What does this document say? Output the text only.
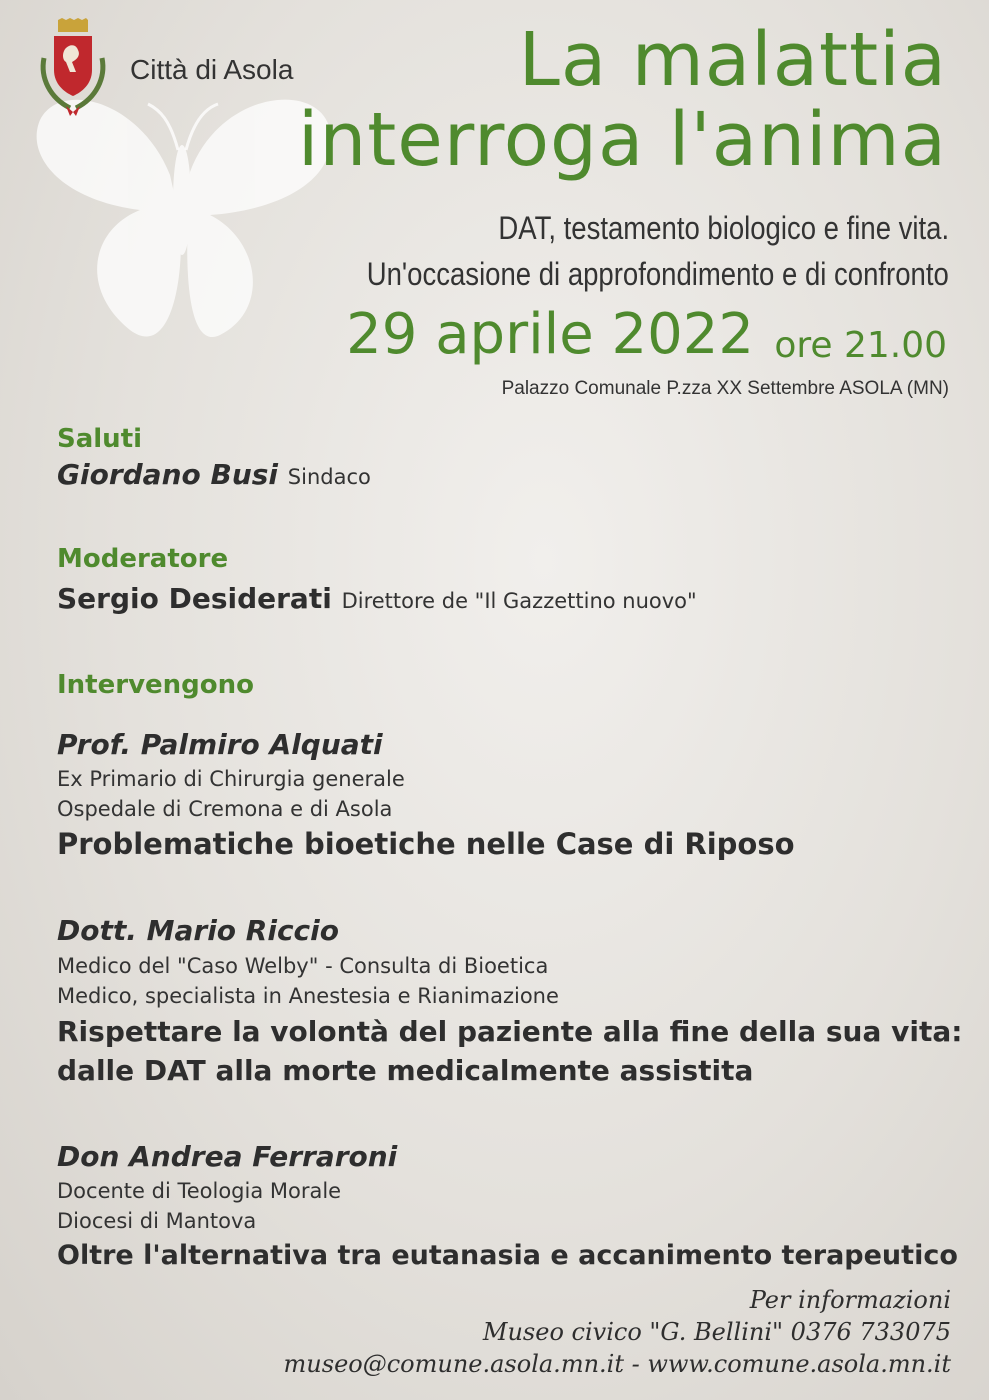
Città di Asola	La malattia
interroga l'anima
DAT, testamento biologico e fine vita.
Un'occasione di approfondimento e di confronto
29 aprile 2022 ore 21.00
Palazzo Comunale P.zza XX Settembre ASOLA (MN)
Saluti
Giordano Busi Sindaco
Moderatore
Sergio Desiderati Direttore de "Il Gazzettino nuovo"
Intervengono
Prof. Palmiro Alquati
Ex Primario di Chirurgia generale
Ospedale di Cremona e di Asola
Problematiche bioetiche nelle Case di Riposo
Dott. Mario Riccio
Medico del "Caso Welby" - Consulta di Bioetica
Medico, specialista in Anestesia e Rianimazione
Rispettare la volontà del paziente alla fine della sua vita:
dalle DAT alla morte medicalmente assistita
Don Andrea Ferraroni
Docente di Teologia Morale
Diocesi di Mantova
Oltre l'alternativa tra eutanasia e accanimento terapeutico
Per informazioni
Museo civico "G. Bellini" 0376 733075
museo@comune.asola.mn.it - www.comune.asola.mn.it
